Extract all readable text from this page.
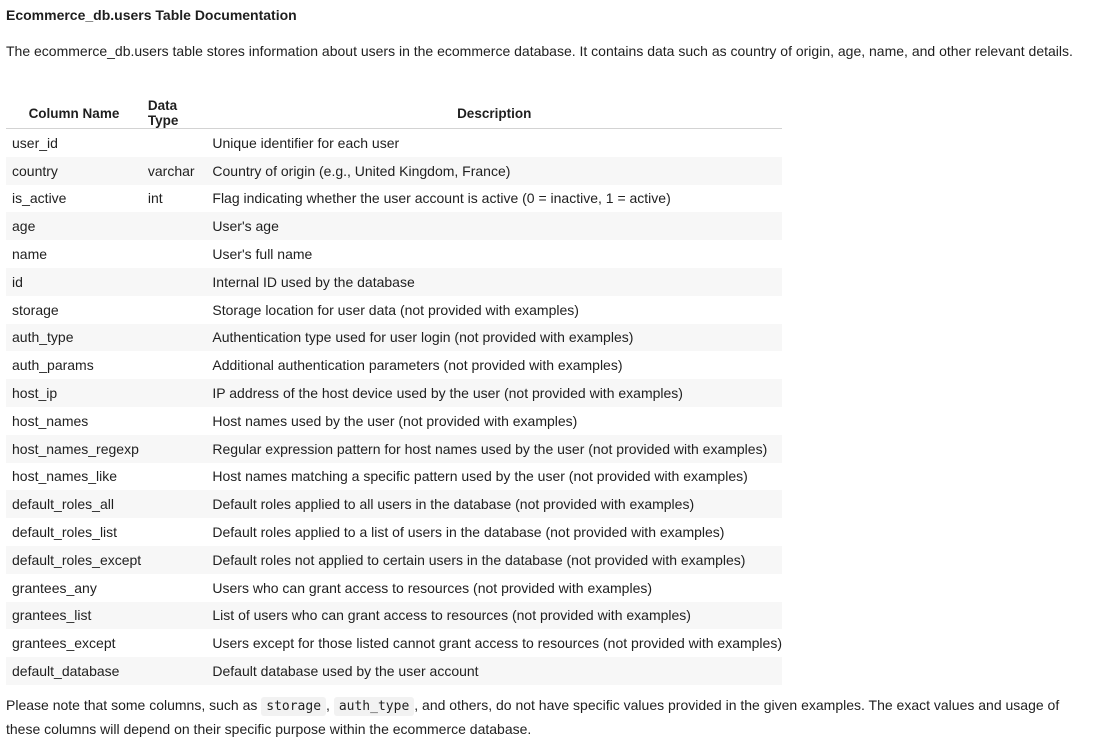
Ecommerce_db.users Table Documentation
The ecommerce_db.users table stores information about users in the ecommerce database. It contains data such as country of origin, age, name, and other relevant details.
Column Name	Data Type	Description
user_id		Unique identifier for each user
country	varchar	Country of origin (e.g., United Kingdom, France)
is_active	int	Flag indicating whether the user account is active (0 = inactive, 1 = active)
age		User's age
name		User's full name
id		Internal ID used by the database
storage		Storage location for user data (not provided with examples)
auth_type		Authentication type used for user login (not provided with examples)
auth_params		Additional authentication parameters (not provided with examples)
host_ip		IP address of the host device used by the user (not provided with examples)
host_names		Host names used by the user (not provided with examples)
host_names_regexp		Regular expression pattern for host names used by the user (not provided with examples)
host_names_like		Host names matching a specific pattern used by the user (not provided with examples)
default_roles_all		Default roles applied to all users in the database (not provided with examples)
default_roles_list		Default roles applied to a list of users in the database (not provided with examples)
default_roles_except		Default roles not applied to certain users in the database (not provided with examples)
grantees_any		Users who can grant access to resources (not provided with examples)
grantees_list		List of users who can grant access to resources (not provided with examples)
grantees_except		Users except for those listed cannot grant access to resources (not provided with examples)
default_database		Default database used by the user account
Please note that some columns, such as storage , auth_type , and others, do not have specific values provided in the given examples. The exact values and usage of these columns will depend on their specific purpose within the ecommerce database.
